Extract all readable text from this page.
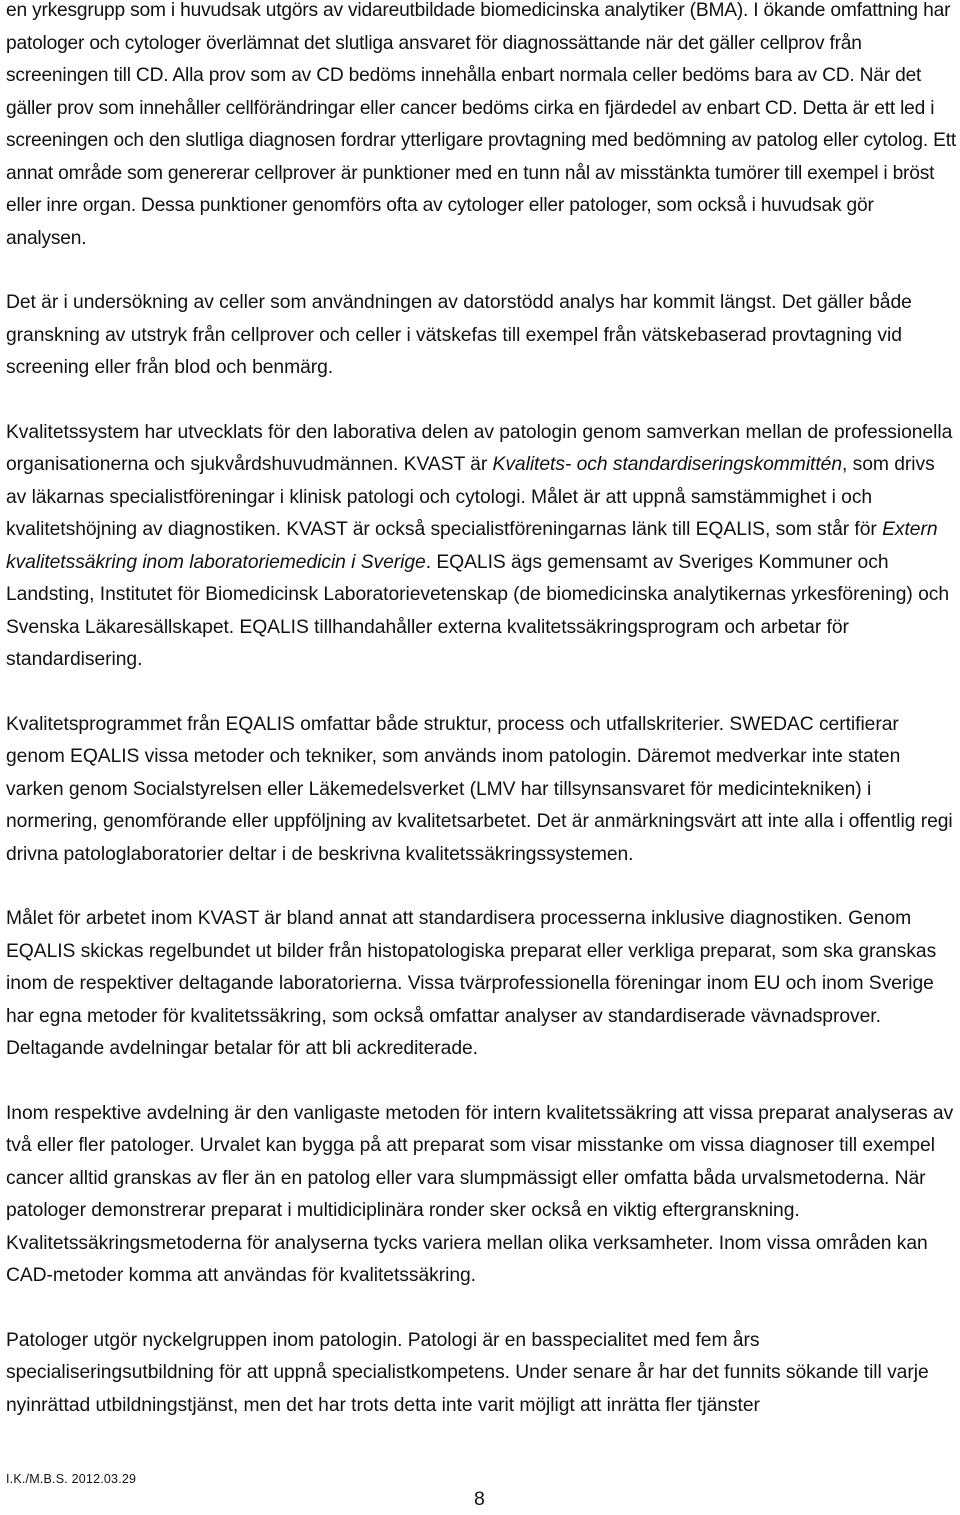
en yrkesgrupp som i huvudsak utgörs av vidareutbildade biomedicinska analytiker (BMA). I ökande omfattning har patologer och cytologer överlämnat det slutliga ansvaret för diagnossättande när det gäller cellprov från screeningen till CD. Alla prov som av CD bedöms innehålla enbart normala celler bedöms bara av CD. När det gäller prov som innehåller cellförändringar eller cancer bedöms cirka en fjärdedel av enbart CD. Detta är ett led i screeningen och den slutliga diagnosen fordrar ytterligare provtagning med bedömning av patolog eller cytolog. Ett annat område som genererar cellprover är punktioner med en tunn nål av misstänkta tumörer till exempel i bröst eller inre organ. Dessa punktioner genomförs ofta av cytologer eller patologer, som också i huvudsak gör analysen.

Det är i undersökning av celler som användningen av datorstödd analys har kommit längst. Det gäller både granskning av utstryk från cellprover och celler i vätskefas till exempel från vätskebaserad provtagning vid screening eller från blod och benmärg.

Kvalitetssystem har utvecklats för den laborativa delen av patologin genom samverkan mellan de professionella organisationerna och sjukvårdshuvudmännen. KVAST är Kvalitets- och standardiseringskommittén, som drivs av läkarnas specialistföreningar i klinisk patologi och cytologi. Målet är att uppnå samstämmighet i och kvalitetshöjning av diagnostiken. KVAST är också specialistföreningarnas länk till EQALIS, som står för Extern kvalitetssäkring inom laboratoriemedicin i Sverige. EQALIS ägs gemensamt av Sveriges Kommuner och Landsting, Institutet för Biomedicinsk Laboratorievetenskap (de biomedicinska analytikernas yrkesförening) och Svenska Läkaresällskapet. EQALIS tillhandahåller externa kvalitetssäkringsprogram och arbetar för standardisering.

Kvalitetsprogrammet från EQALIS omfattar både struktur, process och utfallskriterier. SWEDAC certifierar genom EQALIS vissa metoder och tekniker, som används inom patologin. Däremot medverkar inte staten varken genom Socialstyrelsen eller Läkemedelsverket (LMV har tillsynsansvaret för medicintekniken) i normering, genomförande eller uppföljning av kvalitetsarbetet. Det är anmärkningsvärt att inte alla i offentlig regi drivna patologlaboratorier deltar i de beskrivna kvalitetssäkringssystemen.

Målet för arbetet inom KVAST är bland annat att standardisera processerna inklusive diagnostiken. Genom EQALIS skickas regelbundet ut bilder från histopatologiska preparat eller verkliga preparat, som ska granskas inom de respektiver deltagande laboratorierna. Vissa tvärprofessionella föreningar inom EU och inom Sverige har egna metoder för kvalitetssäkring, som också omfattar analyser av standardiserade vävnadsprover. Deltagande avdelningar betalar för att bli ackrediterade.

Inom respektive avdelning är den vanligaste metoden för intern kvalitetssäkring att vissa preparat analyseras av två eller fler patologer. Urvalet kan bygga på att preparat som visar misstanke om vissa diagnoser till exempel cancer alltid granskas av fler än en patolog eller vara slumpmässigt eller omfatta båda urvalsmetoderna. När patologer demonstrerar preparat i multidiciplinära ronder sker också en viktig eftergranskning. Kvalitetssäkringsmetoderna för analyserna tycks variera mellan olika verksamheter. Inom vissa områden kan CAD-metoder komma att användas för kvalitetssäkring.

Patologer utgör nyckelgruppen inom patologin. Patologi är en basspecialitet med fem års specialiseringsutbildning för att uppnå specialistkompetens. Under senare år har det funnits sökande till varje nyinrättad utbildningstjänst, men det har trots detta inte varit möjligt att inrätta fler tjänster

I.K./M.B.S. 2012.03.29
8
